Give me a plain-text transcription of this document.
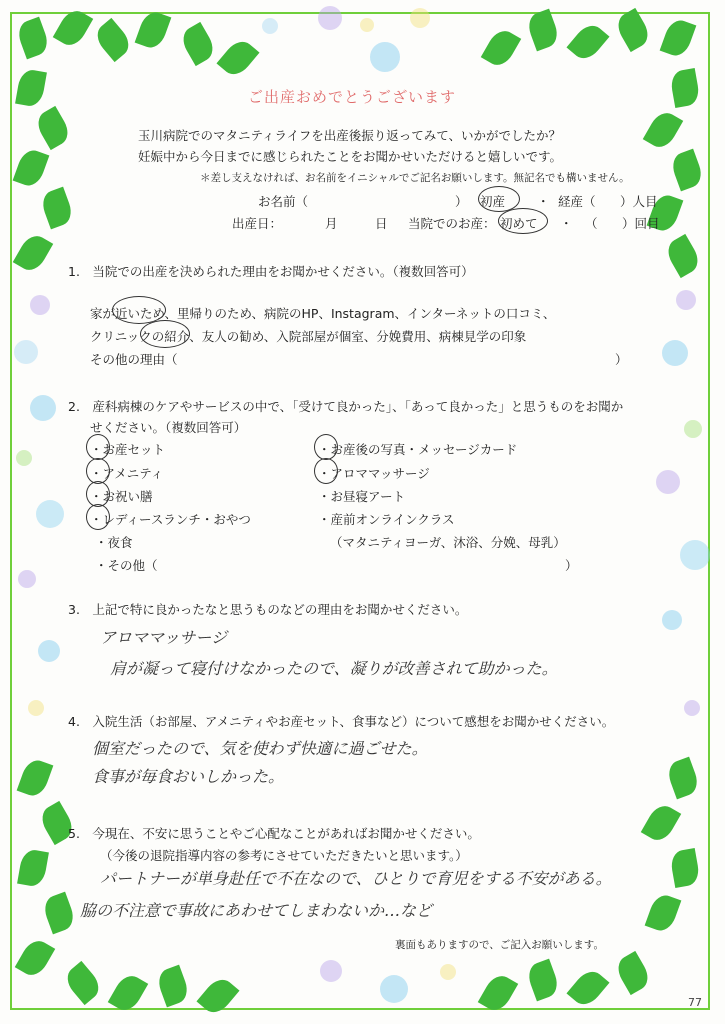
ご出産おめでとうございます
玉川病院でのマタニティライフを出産後振り返ってみて、いかがでしたか？
妊娠中から今日までに感じられたことをお聞かせいただけると嬉しいです。
＊差し支えなければ、お名前をイニシャルでご記名お願いします。無記名でも構いません。
お名前（	） 初産	・ 経産（ ）人目
出産日：	月	日 当院でのお産： 初めて ・ （ ）回目
1.　当院での出産を決められた理由をお聞かせください。（複数回答可）
家が近いため、里帰りのため、病院のHP、Instagram、インターネットの口コミ、
クリニックの紹介、友人の勧め、入院部屋が個室、分娩費用、病棟見学の印象
その他の理由（	）
2.　産科病棟のケアやサービスの中で、「受けて良かった」、「あって良かった」と思うものをお聞か
せください。（複数回答可）
・お産セット
・アメニティ
・お祝い膳
・レディースランチ・おやつ
・夜食
・その他（	）
・お産後の写真・メッセージカード
・アロママッサージ
・お昼寝アート
・産前オンラインクラス
（マタニティヨーガ、沐浴、分娩、母乳）
3.　上記で特に良かったなと思うものなどの理由をお聞かせください。
アロママッサージ
肩が凝って寝付けなかったので、凝りが改善されて助かった。
4.　入院生活（お部屋、アメニティやお産セット、食事など）について感想をお聞かせください。
個室だったので、気を使わず快適に過ごせた。
食事が毎食おいしかった。
5.　今現在、不安に思うことやご心配なことがあればお聞かせください。
（今後の退院指導内容の参考にさせていただきたいと思います。）
パートナーが単身赴任で不在なので、ひとりで育児をする不安がある。
脇の不注意で事故にあわせてしまわないか…など
裏面もありますので、ご記入お願いします。
77
